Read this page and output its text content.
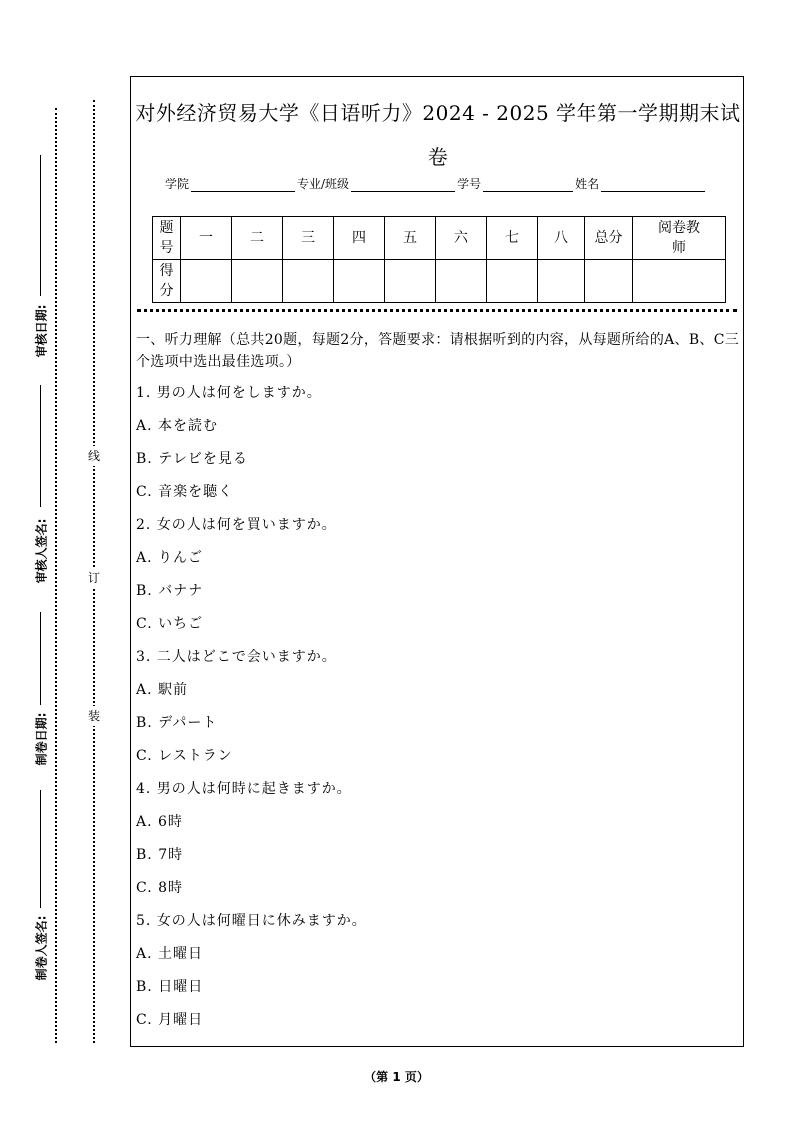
审核日期:
审核人签名:
制卷日期:
制卷人签名:
线
订
装
对外经济贸易大学《日语听力》2024 - 2025 学年第一学期期末试卷
学院	专业/班级	学号	姓名
题号	一	二	三	四	五	六	七	八	总分	阅卷教师
得分										
一、听力理解（总共20题，每题2分，答题要求：请根据听到的内容，从每题所给的A、B、C三个选项中选出最佳选项。）
1. 男の人は何をしますか。
A. 本を読む
B. テレビを見る
C. 音楽を聴く
2. 女の人は何を買いますか。
A. りんご
B. バナナ
C. いちご
3. 二人はどこで会いますか。
A. 駅前
B. デパート
C. レストラン
4. 男の人は何時に起きますか。
A. 6時
B. 7時
C. 8時
5. 女の人は何曜日に休みますか。
A. 土曜日
B. 日曜日
C. 月曜日
（第 1 页）
